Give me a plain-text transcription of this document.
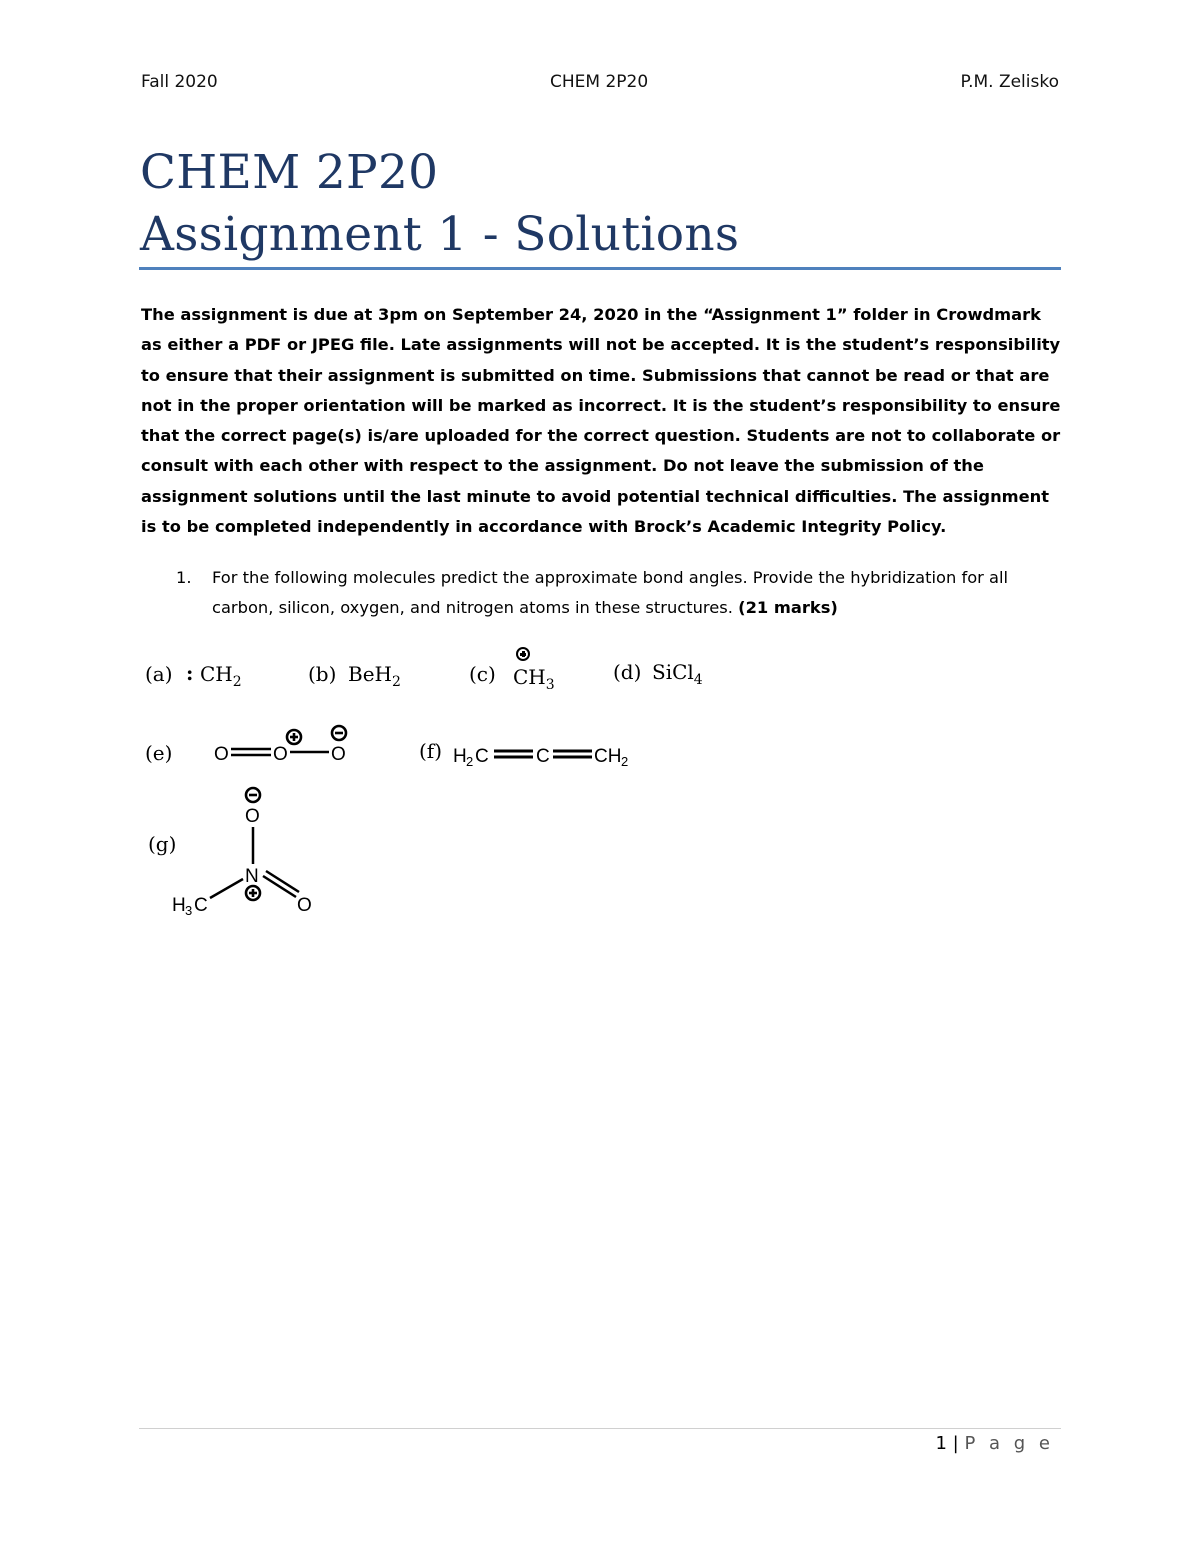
Fall 2020	CHEM 2P20	P.M. Zelisko
CHEM 2P20
Assignment 1 - Solutions
The assignment is due at 3pm on September 24, 2020 in the “Assignment 1” folder in Crowdmark as either a PDF or JPEG file. Late assignments will not be accepted. It is the student’s responsibility to ensure that their assignment is submitted on time. Submissions that cannot be read or that are not in the proper orientation will be marked as incorrect. It is the student’s responsibility to ensure that the correct page(s) is/are uploaded for the correct question. Students are not to collaborate or consult with each other with respect to the assignment. Do not leave the submission of the assignment solutions until the last minute to avoid potential technical difficulties. The assignment is to be completed independently in accordance with Brock’s Academic Integrity Policy.
1. For the following molecules predict the approximate bond angles. Provide the hybridization for all carbon, silicon, oxygen, and nitrogen atoms in these structures. (21 marks)
(a) : $CH_2$	(b) BeH$_2$	(c) $CH_3$
(d) SiCl$_4$
(e)	(f)
(g)
O O O	H 2 C C CH 2
O
N
O
H 3 C
1 | P a g e
